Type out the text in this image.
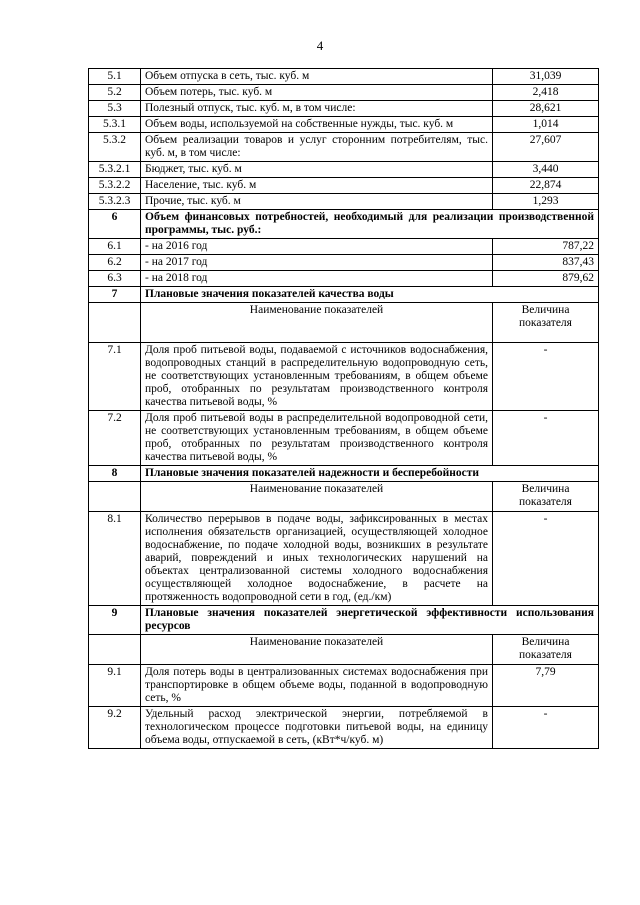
4
5.1	Объем отпуска в сеть, тыс. куб. м	31,039
5.2	Объем потерь, тыс. куб. м	2,418
5.3	Полезный отпуск, тыс. куб. м, в том числе:	28,621
5.3.1	Объем воды, используемой на собственные нужды, тыс. куб. м	1,014
5.3.2	Объем реализации товаров и услуг сторонним потребителям, тыс. куб. м, в том числе:	27,607
5.3.2.1	Бюджет, тыс. куб. м	3,440
5.3.2.2	Население, тыс. куб. м	22,874
5.3.2.3	Прочие, тыс. куб. м	1,293
6	Объем финансовых потребностей, необходимый для реализации производственной программы, тыс. руб.:	
6.1	- на 2016 год	787,22
6.2	- на 2017 год	837,43
6.3	- на 2018 год	879,62
7	Плановые значения показателей качества воды	
	Наименование показателей	Величина показателя
7.1	Доля проб питьевой воды, подаваемой с источников водоснабжения, водопроводных станций в распределительную водопроводную сеть, не соответствующих установленным требованиям, в общем объеме проб, отобранных по результатам производственного контроля качества питьевой воды, %	-
7.2	Доля проб питьевой воды в распределительной водопроводной сети, не соответствующих установленным требованиям, в общем объеме проб, отобранных по результатам производственного контроля качества питьевой воды, %	-
8	Плановые значения показателей надежности и бесперебойности	
	Наименование показателей	Величина показателя
8.1	Количество перерывов в подаче воды, зафиксированных в местах исполнения обязательств организацией, осуществляющей холодное водоснабжение, по подаче холодной воды, возникших в результате аварий, повреждений и иных технологических нарушений на объектах централизованной системы холодного водоснабжения осуществляющей холодное водоснабжение, в расчете на протяженность водопроводной сети в год, (ед./км)	-
9	Плановые значения показателей энергетической эффективности использования ресурсов	
	Наименование показателей	Величина показателя
9.1	Доля потерь воды в централизованных системах водоснабжения при транспортировке в общем объеме воды, поданной в водопроводную сеть, %	7,79
9.2	Удельный расход электрической энергии, потребляемой в технологическом процессе подготовки питьевой воды, на единицу объема воды, отпускаемой в сеть, (кВт*ч/куб. м)	-
